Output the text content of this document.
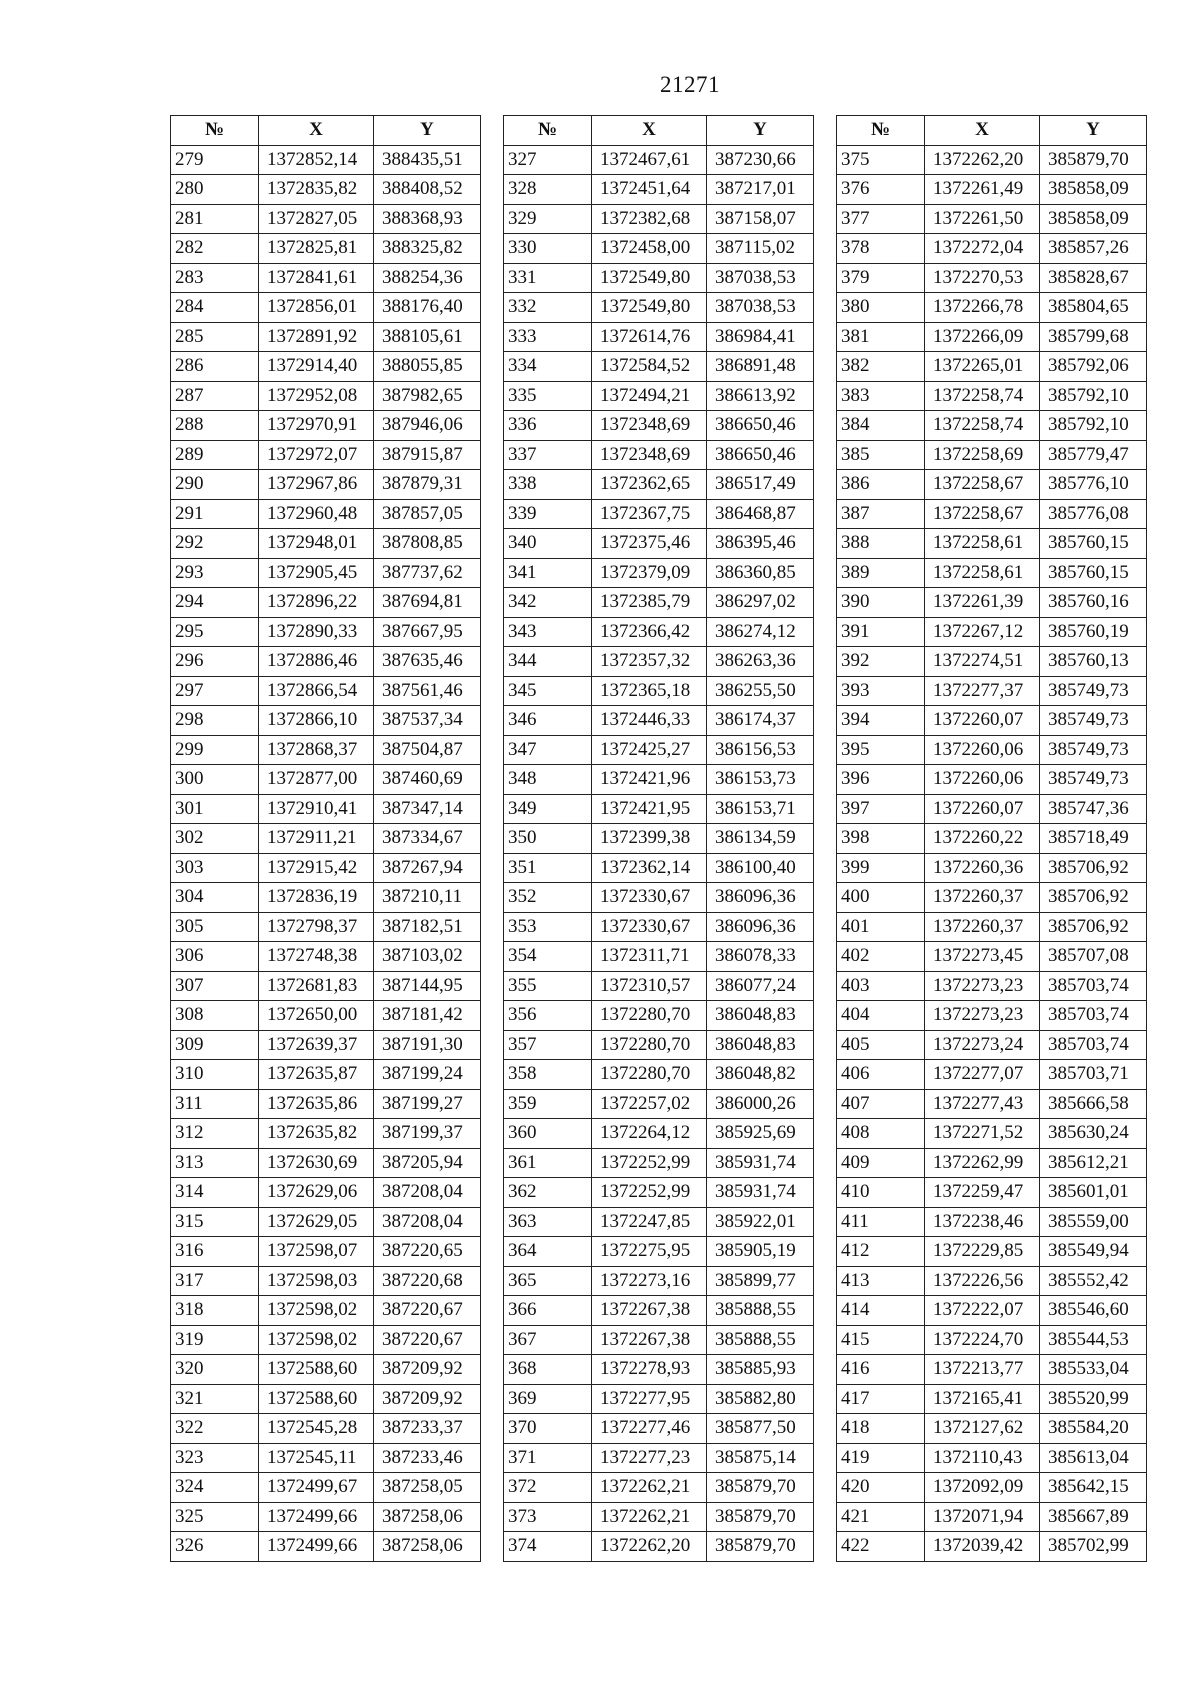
21271
№	X	Y
279	1372852,14	388435,51
280	1372835,82	388408,52
281	1372827,05	388368,93
282	1372825,81	388325,82
283	1372841,61	388254,36
284	1372856,01	388176,40
285	1372891,92	388105,61
286	1372914,40	388055,85
287	1372952,08	387982,65
288	1372970,91	387946,06
289	1372972,07	387915,87
290	1372967,86	387879,31
291	1372960,48	387857,05
292	1372948,01	387808,85
293	1372905,45	387737,62
294	1372896,22	387694,81
295	1372890,33	387667,95
296	1372886,46	387635,46
297	1372866,54	387561,46
298	1372866,10	387537,34
299	1372868,37	387504,87
300	1372877,00	387460,69
301	1372910,41	387347,14
302	1372911,21	387334,67
303	1372915,42	387267,94
304	1372836,19	387210,11
305	1372798,37	387182,51
306	1372748,38	387103,02
307	1372681,83	387144,95
308	1372650,00	387181,42
309	1372639,37	387191,30
310	1372635,87	387199,24
311	1372635,86	387199,27
312	1372635,82	387199,37
313	1372630,69	387205,94
314	1372629,06	387208,04
315	1372629,05	387208,04
316	1372598,07	387220,65
317	1372598,03	387220,68
318	1372598,02	387220,67
319	1372598,02	387220,67
320	1372588,60	387209,92
321	1372588,60	387209,92
322	1372545,28	387233,37
323	1372545,11	387233,46
324	1372499,67	387258,05
325	1372499,66	387258,06
326	1372499,66	387258,06
№	X	Y
327	1372467,61	387230,66
328	1372451,64	387217,01
329	1372382,68	387158,07
330	1372458,00	387115,02
331	1372549,80	387038,53
332	1372549,80	387038,53
333	1372614,76	386984,41
334	1372584,52	386891,48
335	1372494,21	386613,92
336	1372348,69	386650,46
337	1372348,69	386650,46
338	1372362,65	386517,49
339	1372367,75	386468,87
340	1372375,46	386395,46
341	1372379,09	386360,85
342	1372385,79	386297,02
343	1372366,42	386274,12
344	1372357,32	386263,36
345	1372365,18	386255,50
346	1372446,33	386174,37
347	1372425,27	386156,53
348	1372421,96	386153,73
349	1372421,95	386153,71
350	1372399,38	386134,59
351	1372362,14	386100,40
352	1372330,67	386096,36
353	1372330,67	386096,36
354	1372311,71	386078,33
355	1372310,57	386077,24
356	1372280,70	386048,83
357	1372280,70	386048,83
358	1372280,70	386048,82
359	1372257,02	386000,26
360	1372264,12	385925,69
361	1372252,99	385931,74
362	1372252,99	385931,74
363	1372247,85	385922,01
364	1372275,95	385905,19
365	1372273,16	385899,77
366	1372267,38	385888,55
367	1372267,38	385888,55
368	1372278,93	385885,93
369	1372277,95	385882,80
370	1372277,46	385877,50
371	1372277,23	385875,14
372	1372262,21	385879,70
373	1372262,21	385879,70
374	1372262,20	385879,70
№	X	Y
375	1372262,20	385879,70
376	1372261,49	385858,09
377	1372261,50	385858,09
378	1372272,04	385857,26
379	1372270,53	385828,67
380	1372266,78	385804,65
381	1372266,09	385799,68
382	1372265,01	385792,06
383	1372258,74	385792,10
384	1372258,74	385792,10
385	1372258,69	385779,47
386	1372258,67	385776,10
387	1372258,67	385776,08
388	1372258,61	385760,15
389	1372258,61	385760,15
390	1372261,39	385760,16
391	1372267,12	385760,19
392	1372274,51	385760,13
393	1372277,37	385749,73
394	1372260,07	385749,73
395	1372260,06	385749,73
396	1372260,06	385749,73
397	1372260,07	385747,36
398	1372260,22	385718,49
399	1372260,36	385706,92
400	1372260,37	385706,92
401	1372260,37	385706,92
402	1372273,45	385707,08
403	1372273,23	385703,74
404	1372273,23	385703,74
405	1372273,24	385703,74
406	1372277,07	385703,71
407	1372277,43	385666,58
408	1372271,52	385630,24
409	1372262,99	385612,21
410	1372259,47	385601,01
411	1372238,46	385559,00
412	1372229,85	385549,94
413	1372226,56	385552,42
414	1372222,07	385546,60
415	1372224,70	385544,53
416	1372213,77	385533,04
417	1372165,41	385520,99
418	1372127,62	385584,20
419	1372110,43	385613,04
420	1372092,09	385642,15
421	1372071,94	385667,89
422	1372039,42	385702,99
